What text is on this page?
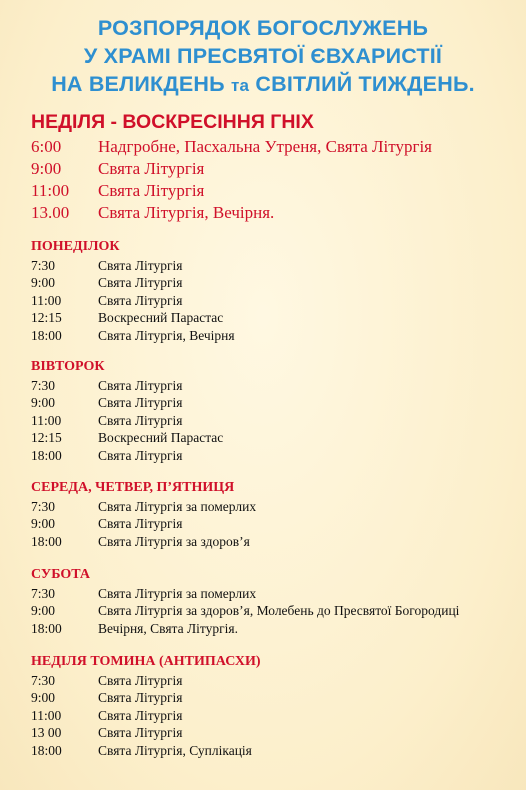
РОЗПОРЯДОК БОГОСЛУЖЕНЬ
У ХРАМІ ПРЕСВЯТОЇ ЄВХАРИСТІЇ
НА ВЕЛИКДЕНЬ та СВІТЛИЙ ТИЖДЕНЬ.
НЕДІЛЯ - ВОСКРЕСІННЯ ГНІХ
6:00	Надгробне, Пасхальна Утреня, Свята Літургія
9:00	Свята Літургія
11:00	Свята Літургія
13.00	Свята Літургія, Вечірня.
ПОНЕДІЛОК
7:30	Свята Літургія
9:00	Свята Літургія
11:00	Свята Літургія
12:15	Воскресний Парастас
18:00	Свята Літургія, Вечірня
ВІВТОРОК
7:30	Свята Літургія
9:00	Свята Літургія
11:00	Свята Літургія
12:15	Воскресний Парастас
18:00	Свята Літургія
СЕРЕДА, ЧЕТВЕР, П’ЯТНИЦЯ
7:30	Свята Літургія за померлих
9:00	Свята Літургія
18:00	Свята Літургія за здоров’я
СУБОТА
7:30	Свята Літургія за померлих
9:00	Свята Літургія за здоров’я, Молебень до Пресвятої Богородиці
18:00	Вечірня, Свята Літургія.
НЕДІЛЯ ТОМИНА (АНТИПАСХИ)
7:30	Свята Літургія
9:00	Свята Літургія
11:00	Свята Літургія
13 00	Свята Літургія
18:00	Свята Літургія, Суплікація
